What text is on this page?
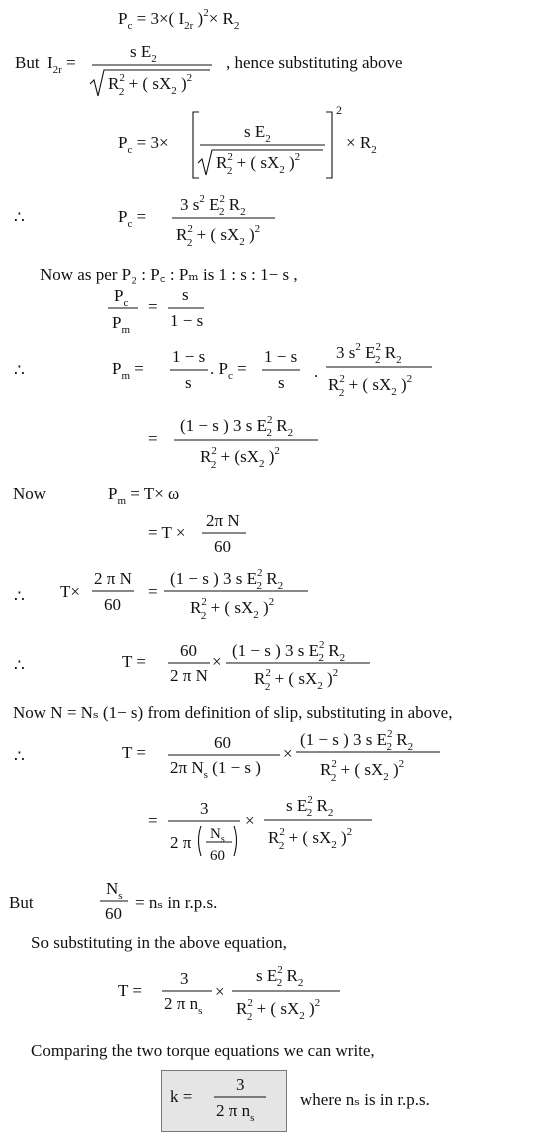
But	, hence substituting above
Now as per P₂ : P꜀ : Pₘ is 1 : s : 1− s ,
Now
Now N = Nₛ (1− s) from definition of slip, substituting in above,
But	= nₛ in r.p.s.
So substituting in the above equation,
Comparing the two torque equations we can write,
where nₛ is in r.p.s.
∴
∴
∴
∴
∴
$P_c = 3\times$( $I_{2r}$ )$^2\times R_2$
$I_{2r}$ =
s $E_2$
$R^2$ 2 + ( $sX_2$ )$^2$
$P_c = 3\times$
2
s $E_2$
$R^2$ 2 + ( $sX_2$ )$^2$
× $R_2$
$P_c$ =
3 $s^2$ $E^2$ 2 $R_2$
$R^2$ 2 + ( $sX_2$ )$^2$
$P_c$
$P_m$
=
s
1 − s
$P_m$ =
1 − s
s
. $P_c$ =
1 − s
s
.
3 $s^2$ $E^2$ 2 $R_2$
$R^2$ 2 + ( $sX_2$ )$^2$
=
(1 − s ) 3 s $E^2$ 2 $R_2$
$R^2$ $2 + (sX_2$ )$^2$
$P_m = T\times \omega$
= T ×
2π N
60
T×
2 π N
60
=
(1 − s ) 3 s $E^2$ 2 $R_2$
$R^2$ 2 + ( $sX_2$ )$^2$
T =
60
2 π N
×
(1 − s ) 3 s $E^2$ 2 $R_2$
$R^2$ 2 + ( $sX_2$ )$^2$
T =
60
2π $N_s$ (1 − s )
×
(1 − s ) 3 s $E^2$ 2 $R_2$
$R^2$ 2 + ( $sX_2$ )$^2$
=
3
2 π $N_s$
60
×
s $E^2$ 2 $R_2$
$R^2$ 2 + ( $sX_2$ )$^2$
$N_s$
60
T =
3
2 π $n_s$
×
s $E^2$ 2 $R_2$
$R^2$ 2 + ( $sX_2$ )$^2$
k =
3
2 π $n_s$
